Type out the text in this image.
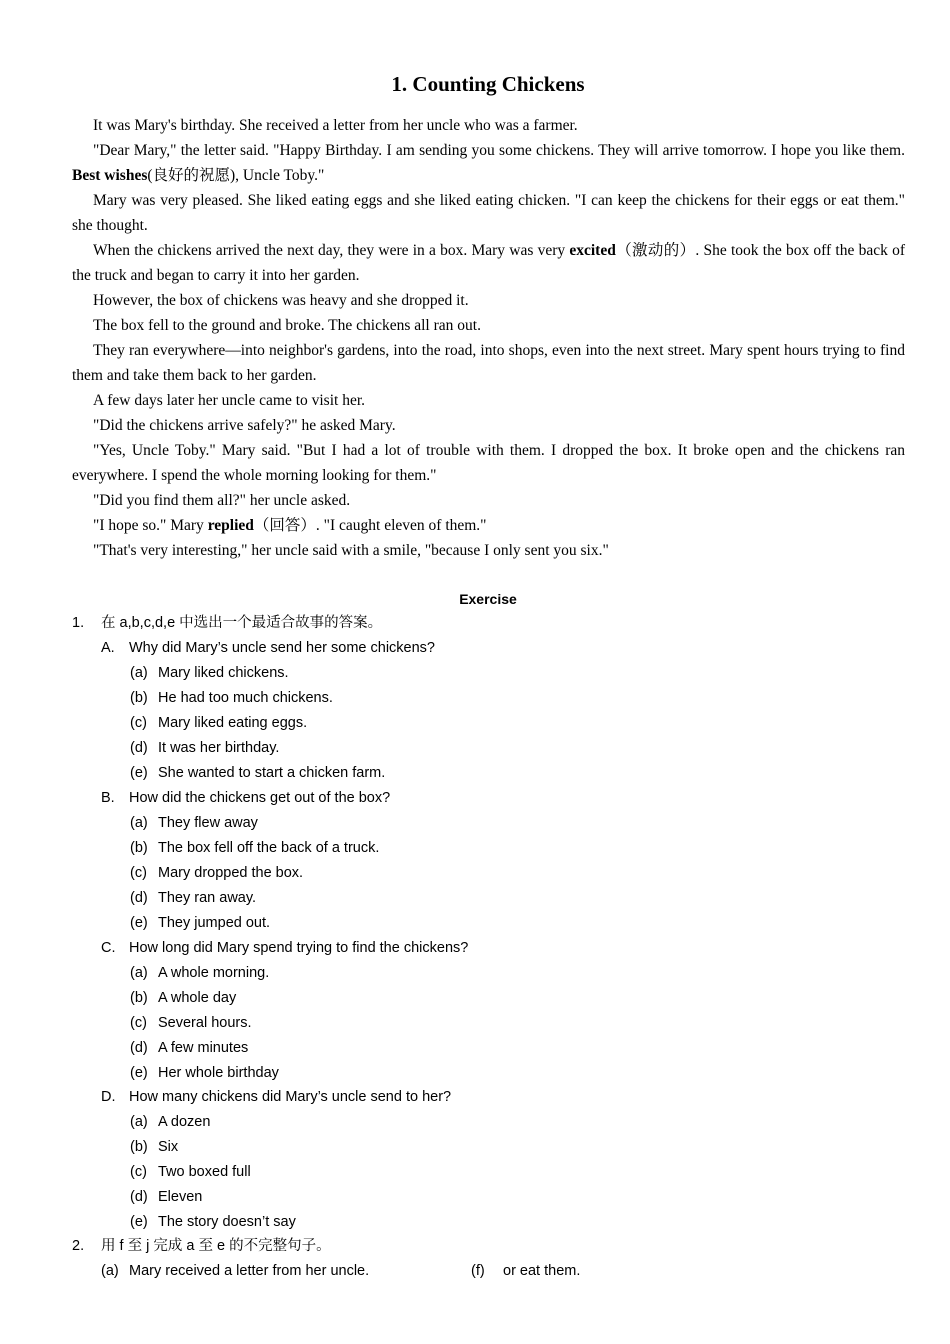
1. Counting Chickens

It was Mary's birthday. She received a letter from her uncle who was a farmer.

"Dear Mary," the letter said. "Happy Birthday. I am sending you some chickens. They will arrive tomorrow. I hope you like them. Best wishes(良好的祝愿), Uncle Toby."

Mary was very pleased. She liked eating eggs and she liked eating chicken. "I can keep the chickens for their eggs or eat them." she thought.

When the chickens arrived the next day, they were in a box. Mary was very excited（激动的）. She took the box off the back of the truck and began to carry it into her garden.

However, the box of chickens was heavy and she dropped it.

The box fell to the ground and broke. The chickens all ran out.

They ran everywhere—into neighbor's gardens, into the road, into shops, even into the next street. Mary spent hours trying to find them and take them back to her garden.

A few days later her uncle came to visit her.

"Did the chickens arrive safely?" he asked Mary.

"Yes, Uncle Toby." Mary said. "But I had a lot of trouble with them. I dropped the box. It broke open and the chickens ran everywhere. I spend the whole morning looking for them."

"Did you find them all?" her uncle asked.

"I hope so." Mary replied（回答）. "I caught eleven of them."

"That's very interesting," her uncle said with a smile, "because I only sent you six."

Exercise
1. 在 a,b,c,d,e 中选出一个最适合故事的答案。
A. Why did Mary’s uncle send her some chickens?
(a) Mary liked chickens.
(b) He had too much chickens.
(c) Mary liked eating eggs.
(d) It was her birthday.
(e) She wanted to start a chicken farm.
B. How did the chickens get out of the box?
(a) They flew away
(b) The box fell off the back of a truck.
(c) Mary dropped the box.
(d) They ran away.
(e) They jumped out.
C. How long did Mary spend trying to find the chickens?
(a) A whole morning.
(b) A whole day
(c) Several hours.
(d) A few minutes
(e) Her whole birthday
D. How many chickens did Mary’s uncle send to her?
(a) A dozen
(b) Six
(c) Two boxed full
(d) Eleven
(e) The story doesn’t say
2. 用 f 至 j 完成 a 至 e 的不完整句子。
(a) Mary received a letter from her uncle.	(f) or eat them.
